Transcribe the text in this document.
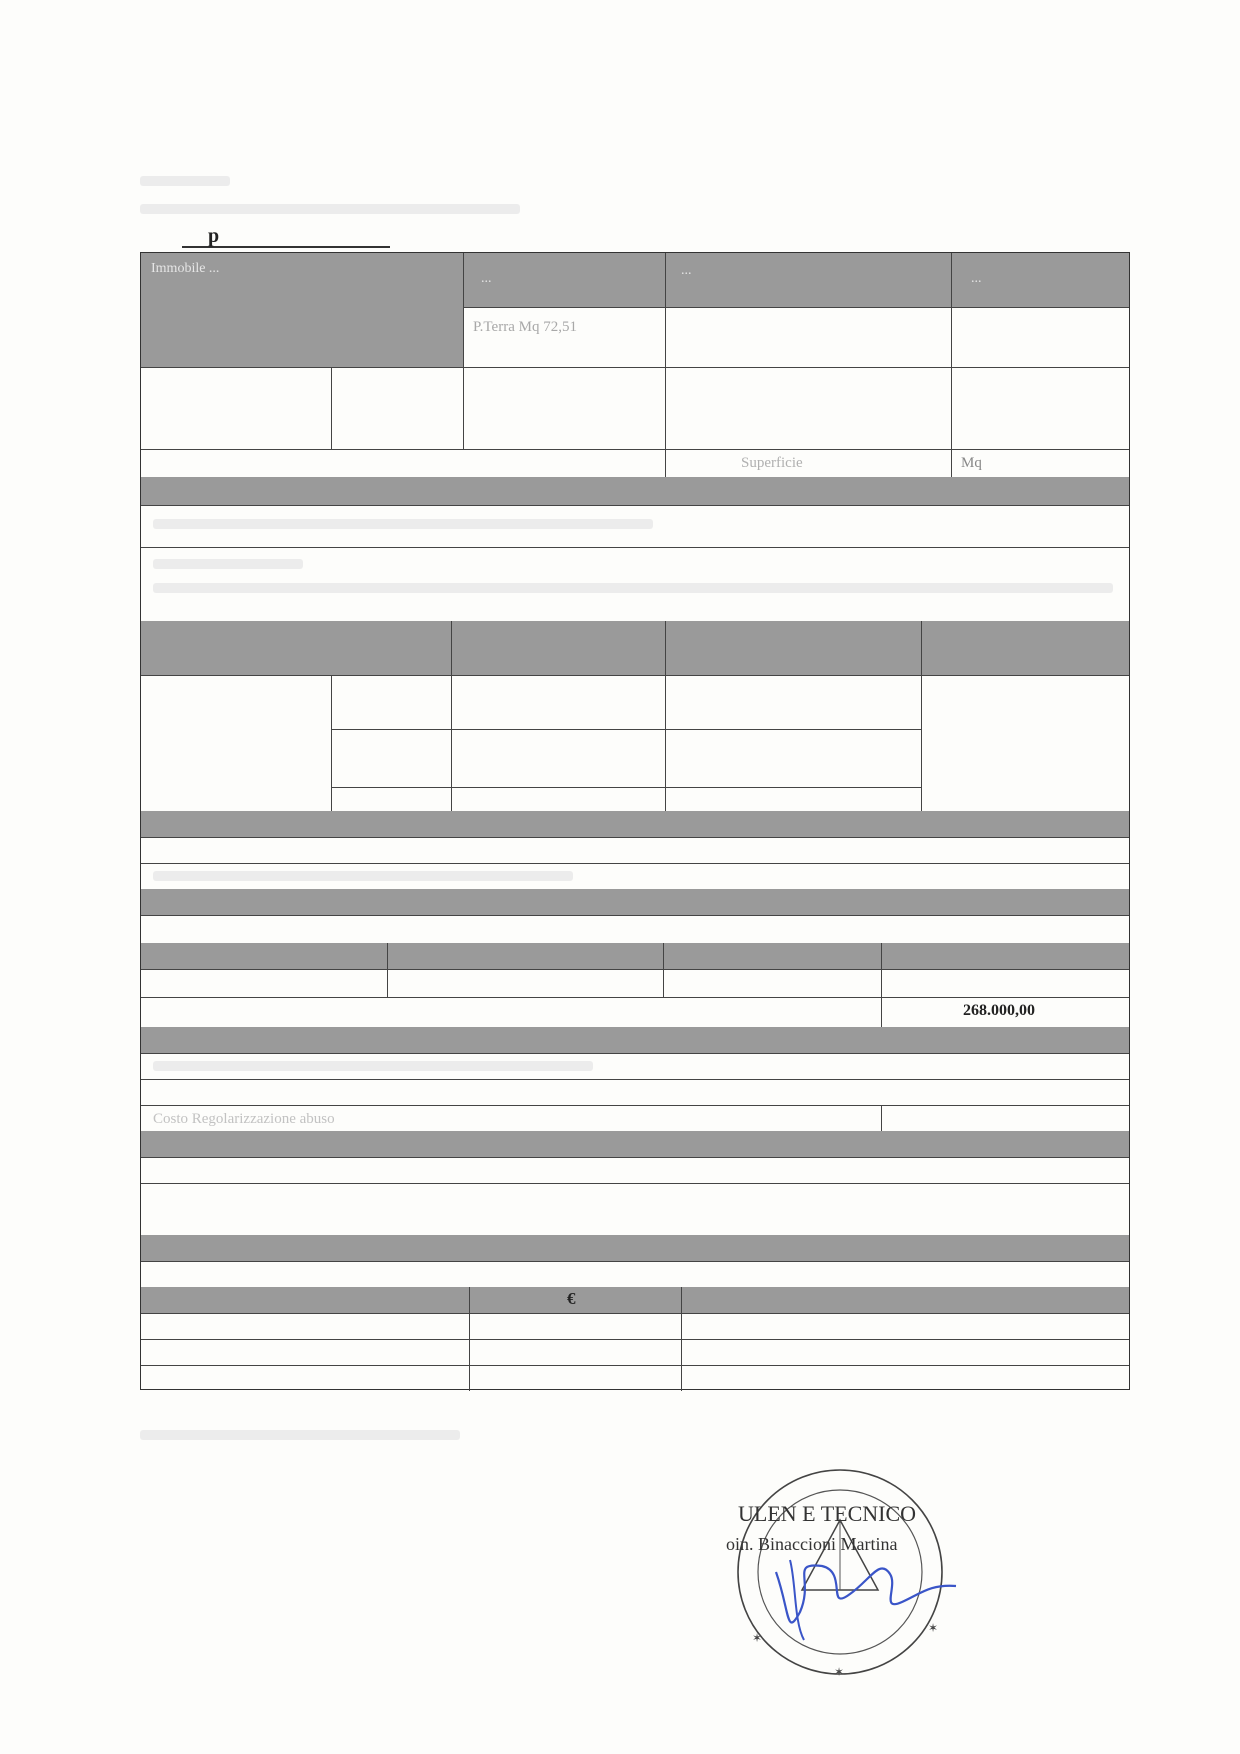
p
Immobile ...
...
...
...
P.Terra Mq 72,51
Superficie	Mq
268.000,00
Costo Regolarizzazione abuso
€
✶
✶
✶
ULEN E TECNICO
oin. Binaccioni Martina
